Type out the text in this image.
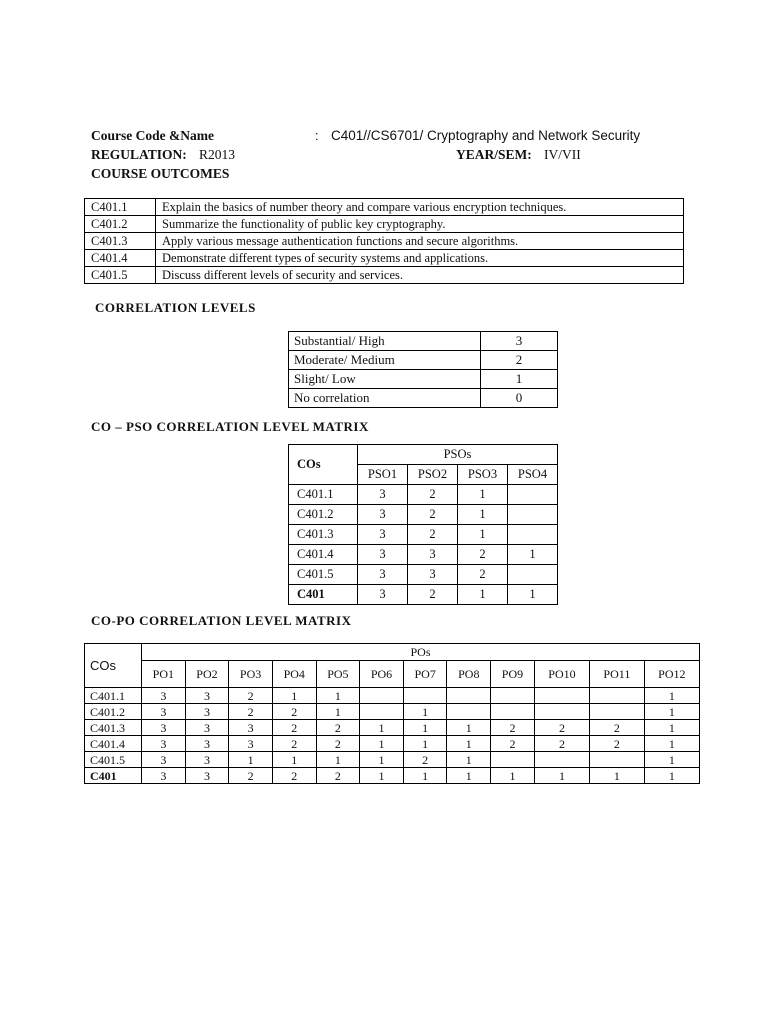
Course Code &Name	: C401//CS6701/ Cryptography and Network Security
REGULATION: R2013	YEAR/SEM: IV/VII
COURSE OUTCOMES
C401.1	Explain the basics of number theory and compare various encryption techniques.
C401.2	Summarize the functionality of public key cryptography.
C401.3	Apply various message authentication functions and secure algorithms.
C401.4	Demonstrate different types of security systems and applications.
C401.5	Discuss different levels of security and services.
CORRELATION LEVELS
Substantial/ High	3
Moderate/ Medium	2
Slight/ Low	1
No correlation	0
CO – PSO CORRELATION LEVEL MATRIX
COs	PSOs			
	PSO1	PSO2	PSO3	PSO4
C401.1	3	2	1	
C401.2	3	2	1	
C401.3	3	2	1	
C401.4	3	3	2	1
C401.5	3	3	2	
C401	3	2	1	1
CO-PO CORRELATION LEVEL MATRIX
COs	POs											
	PO1	PO2	PO3	PO4	PO5	PO6	PO7	PO8	PO9	PO10	PO11	PO12
C401.1	3	3	2	1	1							1
C401.2	3	3	2	2	1		1					1
C401.3	3	3	3	2	2	1	1	1	2	2	2	1
C401.4	3	3	3	2	2	1	1	1	2	2	2	1
C401.5	3	3	1	1	1	1	2	1				1
C401	3	3	2	2	2	1	1	1	1	1	1	1
